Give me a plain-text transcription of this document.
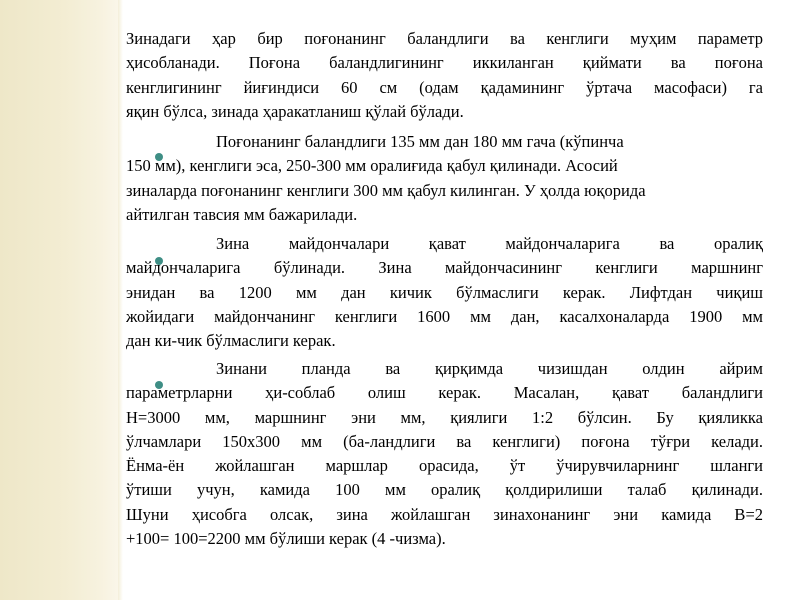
Зинадаги ҳар бир поғонанинг баландлиги ва кенглиги муҳим параметр
ҳисобланади. Поғона баландлигининг иккиланган қиймати ва поғона
кенглигининг йиғиндиси 60 см (одам қадамининг ўртача масофаси) га
яқин бўлса, зинада ҳаракатланиш қўлай бўлади.
Поғонанинг баландлиги 135 мм дан 180 мм гача (кўпинча
150 мм), кенглиги эса, 250-300 мм оралиғида қабул қилинади. Асосий
зиналарда поғонанинг кенглиги 300 мм қабул килинган. У ҳолда юқорида
айтилган тавсия мм бажарилади.
Зина майдончалари қават майдончаларига ва оралиқ
майдончаларига бўлинади. Зина майдончасининг кенглиги маршнинг
энидан ва 1200 мм дан кичик бўлмаслиги керак. Лифтдан чиқиш
жойидаги майдончанинг кенглиги 1600 мм дан, касалхоналарда 1900 мм
дан ки-чик бўлмаслиги керак.
Зинани планда ва қирқимда чизишдан олдин айрим
параметрларни ҳи-соблаб олиш керак. Масалан, қават баландлиги
H=3000 мм, маршнинг эни мм, қиялиги 1:2 бўлсин. Бу қияликка
ўлчамлари 150х300 мм (ба-ландлиги ва кенглиги) поғона тўғри келади.
Ёнма-ён жойлашган маршлар орасида, ўт ўчирувчиларнинг шланги
ўтиши учун, камида 100 мм оралиқ қолдирилиши талаб қилинади.
Шуни ҳисобга олсак, зина жойлашган зинахонанинг эни камида B=2
+100= 100=2200 мм бўлиши керак (4 -чизма).
